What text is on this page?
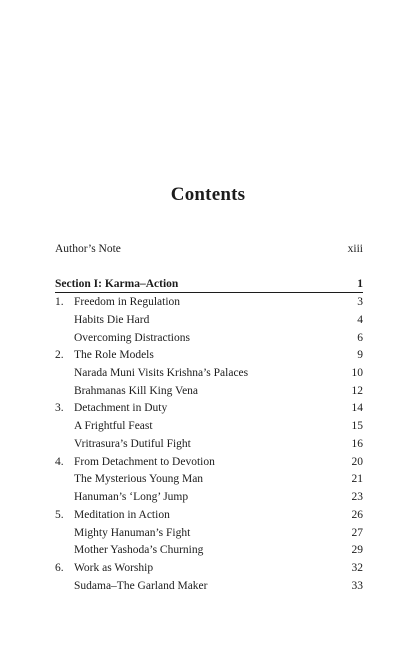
Contents
Author’s Note	xiii
Section I: Karma–Action	1
1. Freedom in Regulation	3
Habits Die Hard	4
Overcoming Distractions	6
2. The Role Models	9
Narada Muni Visits Krishna’s Palaces	10
Brahmanas Kill King Vena	12
3. Detachment in Duty	14
A Frightful Feast	15
Vritrasura’s Dutiful Fight	16
4. From Detachment to Devotion	20
The Mysterious Young Man	21
Hanuman’s ‘Long’ Jump	23
5. Meditation in Action	26
Mighty Hanuman’s Fight	27
Mother Yashoda’s Churning	29
6. Work as Worship	32
Sudama–The Garland Maker	33
